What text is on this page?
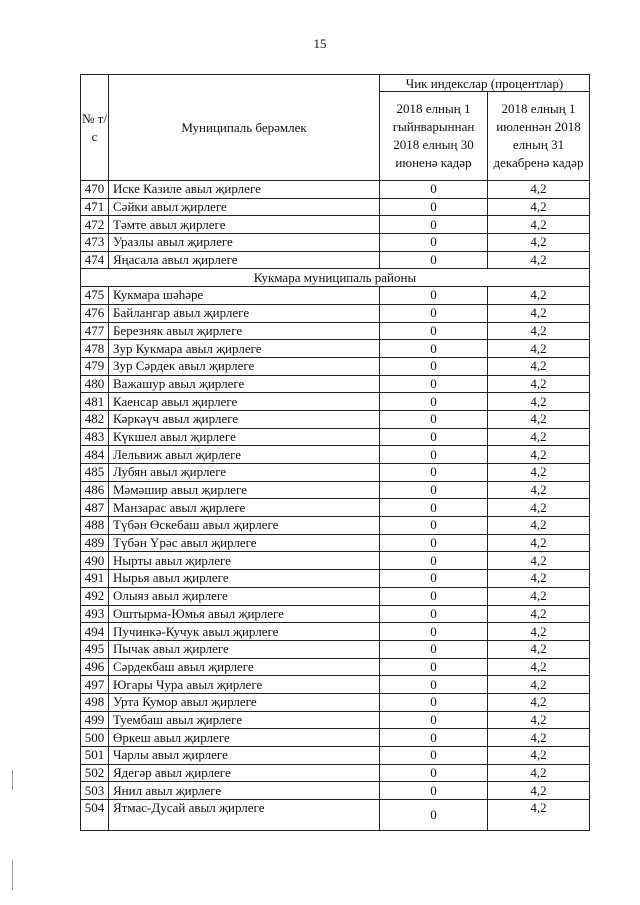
15
№ т/с	Муниципаль берәмлек	Чик индекслар (процентлар)	
		2018 елның 1 гыйнварыннан 2018 елның 30 июненә кадәр	2018 елның 1 июленнән 2018 елның 31 декабренә кадәр
470	Иске Казиле авыл җирлеге	0	4,2
471	Сәйки авыл җирлеге	0	4,2
472	Тәмте авыл җирлеге	0	4,2
473	Уразлы авыл җирлеге	0	4,2
474	Яңасала авыл җирлеге	0	4,2
Кукмара муниципаль районы			
475	Кукмара шәһәре	0	4,2
476	Байлангар авыл җирлеге	0	4,2
477	Березняк авыл җирлеге	0	4,2
478	Зур Кукмара авыл җирлеге	0	4,2
479	Зур Сәрдек авыл җирлеге	0	4,2
480	Важашур авыл җирлеге	0	4,2
481	Каенсар авыл җирлеге	0	4,2
482	Кәркәүч авыл җирлеге	0	4,2
483	Күкшел авыл җирлеге	0	4,2
484	Лельвиж авыл җирлеге	0	4,2
485	Лубян авыл җирлеге	0	4,2
486	Мәмәшир авыл җирлеге	0	4,2
487	Манзарас авыл җирлеге	0	4,2
488	Түбән Өскебаш авыл җирлеге	0	4,2
489	Түбән Үрәс авыл җирлеге	0	4,2
490	Нырты авыл җирлеге	0	4,2
491	Нырья авыл җирлеге	0	4,2
492	Олыяз авыл җирлеге	0	4,2
493	Оштырма-Юмья авыл җирлеге	0	4,2
494	Пучинкә-Кучук авыл җирлеге	0	4,2
495	Пычак авыл җирлеге	0	4,2
496	Сәрдекбаш авыл җирлеге	0	4,2
497	Югары Чура авыл җирлеге	0	4,2
498	Урта Кумор авыл җирлеге	0	4,2
499	Туембаш авыл җирлеге	0	4,2
500	Өркеш авыл җирлеге	0	4,2
501	Чарлы авыл җирлеге	0	4,2
502	Ядегәр авыл җирлеге	0	4,2
503	Янил авыл җирлеге	0	4,2
504	Ятмас-Дусай авыл җирлеге	0	4,2
